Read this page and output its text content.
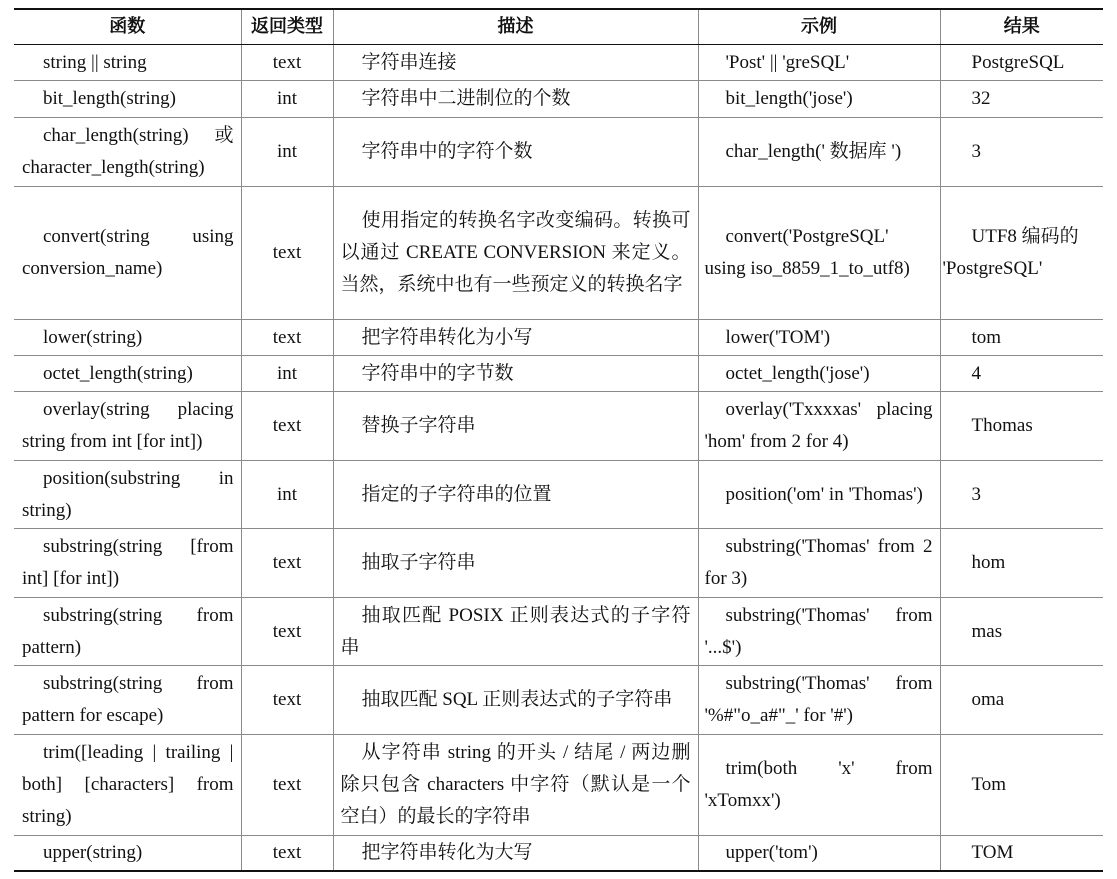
函数	返回类型	描述	示例	结果
string || string	text	字符串连接	'Post' || 'greSQL'	PostgreSQL
bit_length(string)	int	字符串中二进制位的个数	bit_length('jose')	32
char_length(string) 或 character_length(string)	int	字符串中的字符个数	char_length(' 数据库 ')	3
convert(string using conversion_name)	text	使用指定的转换名字改变编码。转换可以通过 CREATE CONVERSION 来定义。当然，系统中也有一些预定义的转换名字	convert('PostgreSQL' using iso_8859_1_to_utf8)	UTF8 编码的 'PostgreSQL'
lower(string)	text	把字符串转化为小写	lower('TOM')	tom
octet_length(string)	int	字符串中的字节数	octet_length('jose')	4
overlay(string placing string from int [for int])	text	替换子字符串	overlay('Txxxxas' placing 'hom' from 2 for 4)	Thomas
position(substring in string)	int	指定的子字符串的位置	position('om' in 'Thomas')	3
substring(string [from int] [for int])	text	抽取子字符串	substring('Thomas' from 2 for 3)	hom
substring(string from pattern)	text	抽取匹配 POSIX 正则表达式的子字符串	substring('Thomas' from '...$')	mas
substring(string from pattern for escape)	text	抽取匹配 SQL 正则表达式的子字符串	substring('Thomas' from '%#"o_a#"_' for '#')	oma
trim([leading | trailing | both] [characters] from string)	text	从字符串 string 的开头 / 结尾 / 两边删除只包含 characters 中字符（默认是一个空白）的最长的字符串	trim(both 'x' from 'xTomxx')	Tom
upper(string)	text	把字符串转化为大写	upper('tom')	TOM
